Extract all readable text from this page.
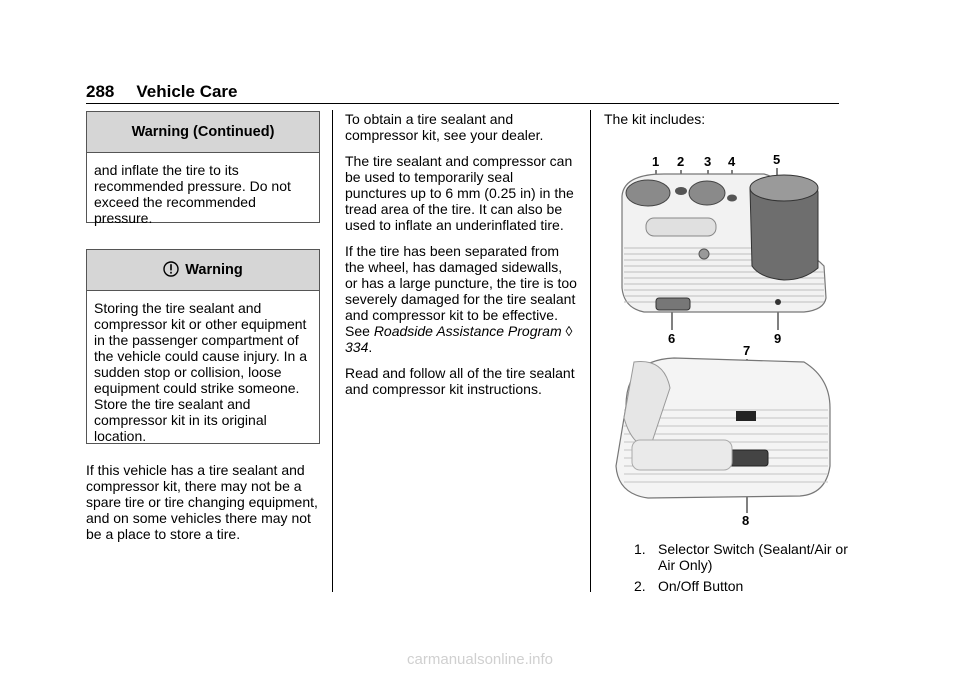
288 Vehicle Care
Warning (Continued)
and inflate the tire to its recommended pressure. Do not exceed the recommended pressure.
Warning
Storing the tire sealant and compressor kit or other equipment in the passenger compartment of the vehicle could cause injury. In a sudden stop or collision, loose equipment could strike someone. Store the tire sealant and compressor kit in its original location.

If this vehicle has a tire sealant and compressor kit, there may not be a spare tire or tire changing equipment, and on some vehicles there may not be a place to store a tire.

To obtain a tire sealant and compressor kit, see your dealer.

The tire sealant and compressor can be used to temporarily seal punctures up to 6 mm (0.25 in) in the tread area of the tire. It can also be used to inflate an underinflated tire.

If the tire has been separated from the wheel, has damaged sidewalls, or has a large puncture, the tire is too severely damaged for the tire sealant and compressor kit to be effective. See Roadside Assistance Program ◊ 334.

Read and follow all of the tire sealant and compressor kit instructions.

The kit includes:

1 2 3 4	5
6	9
7
8
1. Selector Switch (Sealant/Air or Air Only)
2. On/Off Button
carmanualsonline.info
